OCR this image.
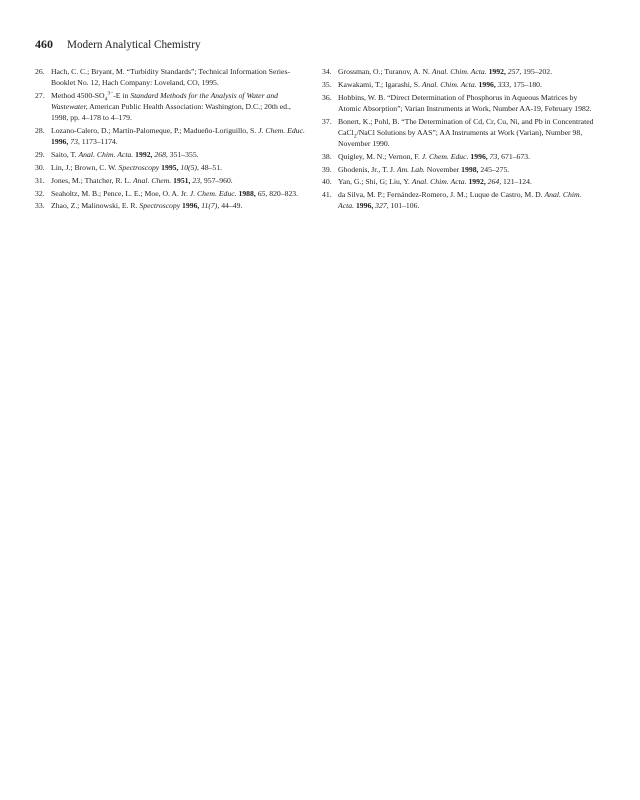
460 Modern Analytical Chemistry
26. Hach, C. C.; Bryant, M. “Turbidity Standards”; Technical Information Series-Booklet No. 12, Hach Company: Loveland, CO, 1995.
27. Method $4500-SO_4^{3-}-E$ in Standard Methods for the Analysis of Water and Wastewater, American Public Health Association: Washington, D.C.; 20th ed., 1998, pp. 4–178 to 4–179.
28. Lozano-Calero, D.; Martín-Palomeque, P.; Madueño-Loriguillo, S. J. Chem. Educ. 1996, 73, 1173–1174.
29. Saito, T. Anal. Chim. Acta. 1992, 268, 351–355.
30. Lin, J.; Brown, C. W. Spectroscopy 1995, 10(5), 48–51.
31. Jones, M.; Thatcher, R. L. Anal. Chem. 1951, 23, 957–960.
32. Seaholtz, M. B.; Pence, L. E.; Moe, O. A. Jr. J. Chem. Educ. 1988, 65, 820–823.
33. Zhao, Z.; Malinowski, E. R. Spectroscopy 1996, 11(7), 44–49.
34. Grossman, O.; Turanov, A. N. Anal. Chim. Acta. 1992, 257, 195–202.
35. Kawakami, T.; Igarashi, S. Anal. Chim. Acta. 1996, 333, 175–180.
36. Hobbins, W. B. “Direct Determination of Phosphorus in Aqueous Matrices by Atomic Absorption”; Varian Instruments at Work, Number AA-19, February 1982.
37. Bonert, K.; Pohl, B. “The Determination of Cd, Cr, Cu, Ni, and Pb in Concentrated CaCl$_2$/NaCl Solutions by AAS”; AA Instruments at Work (Varian), Number 98, November 1990.
38. Quigley, M. N.; Vernon, F. J. Chem. Educ. 1996, 73, 671–673.
39. Ghodenis, Jr., T. J. Am. Lab. November 1998, 245–275.
40. Yan, G.; Shi, G; Liu, Y. Anal. Chim. Acta. 1992, 264, 121–124.
41. da Silva, M. P.; Fernández-Romero, J. M.; Luque de Castro, M. D. Anal. Chim. Acta. 1996, 327, 101–106.
